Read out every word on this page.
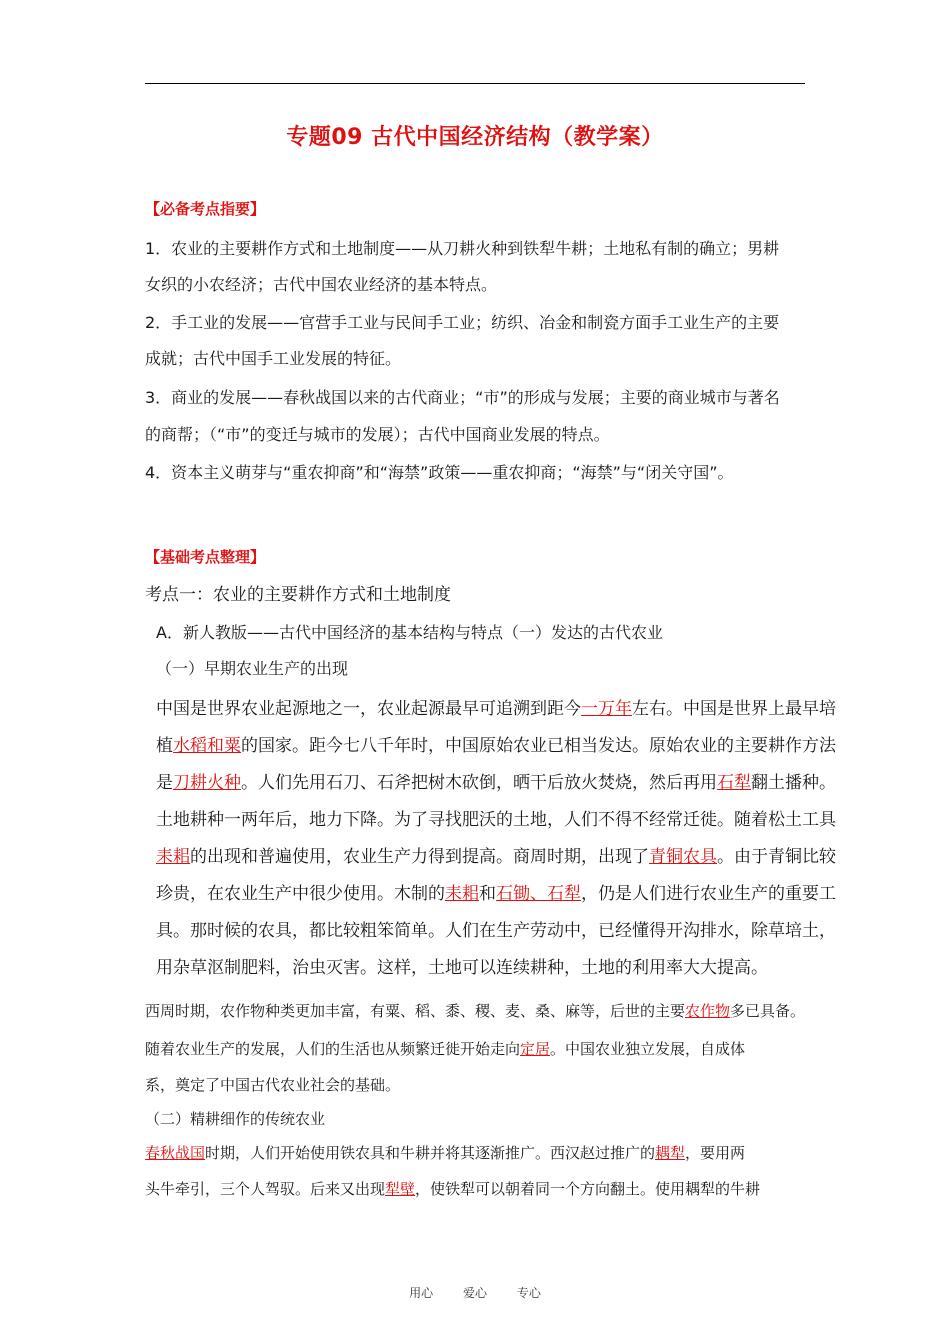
专题09 古代中国经济结构（教学案）
【必备考点指要】
1．农业的主要耕作方式和土地制度——从刀耕火种到铁犁牛耕；土地私有制的确立；男耕
女织的小农经济；古代中国农业经济的基本特点。
2．手工业的发展——官营手工业与民间手工业；纺织、冶金和制瓷方面手工业生产的主要
成就；古代中国手工业发展的特征。
3．商业的发展——春秋战国以来的古代商业；“市”的形成与发展；主要的商业城市与著名
的商帮；（“市”的变迁与城市的发展）；古代中国商业发展的特点。
4．资本主义萌芽与“重农抑商”和“海禁”政策——重农抑商；“海禁”与“闭关守国”。
【基础考点整理】
考点一：农业的主要耕作方式和土地制度
A．新人教版——古代中国经济的基本结构与特点（一）发达的古代农业
（一）早期农业生产的出现
中国是世界农业起源地之一，农业起源最早可追溯到距今一万年左右。中国是世界上最早培
植水稻和粟的国家。距今七八千年时，中国原始农业已相当发达。原始农业的主要耕作方法
是刀耕火种。人们先用石刀、石斧把树木砍倒，晒干后放火焚烧，然后再用石犁翻土播种。
土地耕种一两年后，地力下降。为了寻找肥沃的土地，人们不得不经常迁徙。随着松土工具
耒耜的出现和普遍使用，农业生产力得到提高。商周时期，出现了青铜农具。由于青铜比较
珍贵，在农业生产中很少使用。木制的耒耜和石锄、石犁，仍是人们进行农业生产的重要工
具。那时候的农具，都比较粗笨简单。人们在生产劳动中，已经懂得开沟排水，除草培土，
用杂草沤制肥料，治虫灭害。这样，土地可以连续耕种，土地的利用率大大提高。
西周时期，农作物种类更加丰富，有粟、稻、黍、稷、麦、桑、麻等，后世的主要农作物多已具备。
随着农业生产的发展，人们的生活也从频繁迁徙开始走向定居。中国农业独立发展，自成体
系，奠定了中国古代农业社会的基础。
（二）精耕细作的传统农业
春秋战国时期，人们开始使用铁农具和牛耕并将其逐渐推广。西汉赵过推广的耦犁，要用两
头牛牵引，三个人驾驭。后来又出现犁壁，使铁犁可以朝着同一个方向翻土。使用耦犁的牛耕
用心 爱心 专心
